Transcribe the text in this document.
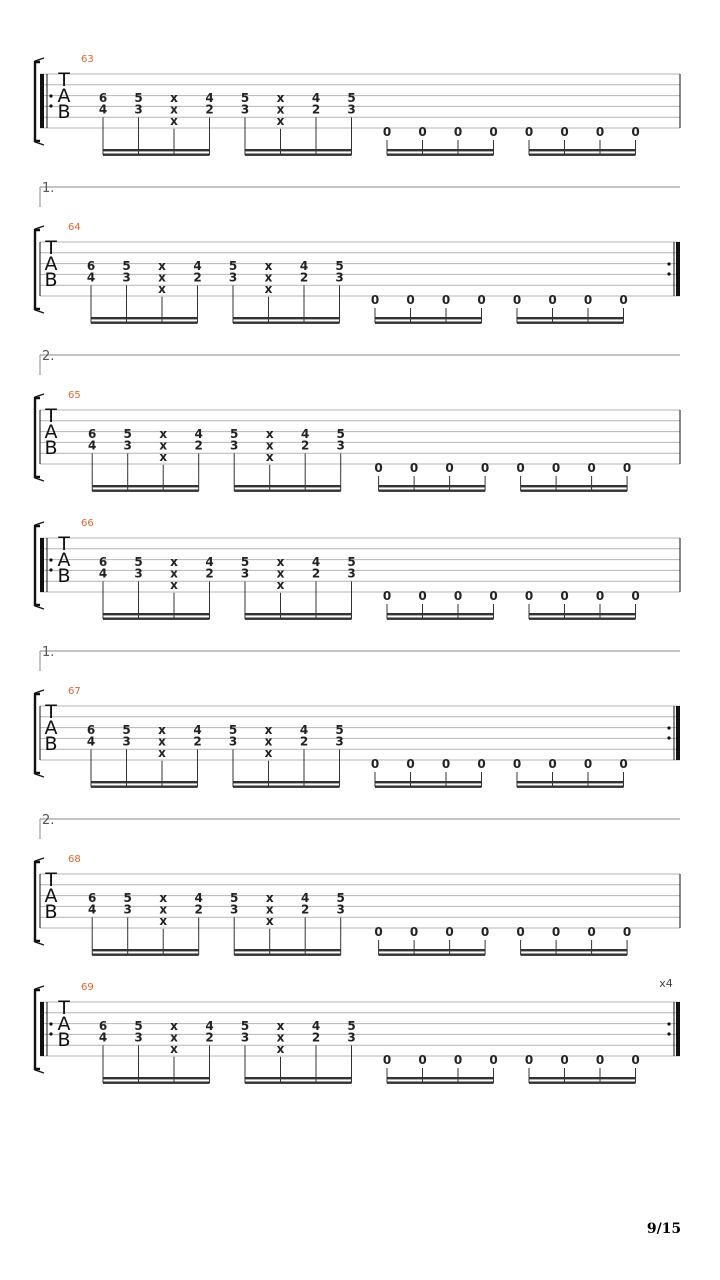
63
T
A
B
6
4
5
3
x
x
x
4
2
5
3
x
x
x
4
2
5
3
0 0 0 0 0 0 0 0
1.
64
T
A
B
6
4
5
3
x
x
x
4
2
5
3
x
x
x
4
2
5
3
0 0 0 0 0 0 0 0
2.
65
T
A
B
6
4
5
3
x
x
x
4
2
5
3
x
x
x
4
2
5
3
0 0 0 0 0 0 0 0
66
T
A
B
6
4
5
3
x
x
x
4
2
5
3
x
x
x
4
2
5
3
0 0 0 0 0 0 0 0
1.
67
T
A
B
6
4
5
3
x
x
x
4
2
5
3
x
x
x
4
2
5
3
0 0 0 0 0 0 0 0
2.
68
T
A
B
6
4
5
3
x
x
x
4
2
5
3
x
x
x
4
2
5
3
0 0 0 0 0 0 0 0
69	x4
T
A
B
6
4
5
3
x
x
x
4
2
5
3
x
x
x
4
2
5
3
0 0 0 0 0 0 0 0
9/15
